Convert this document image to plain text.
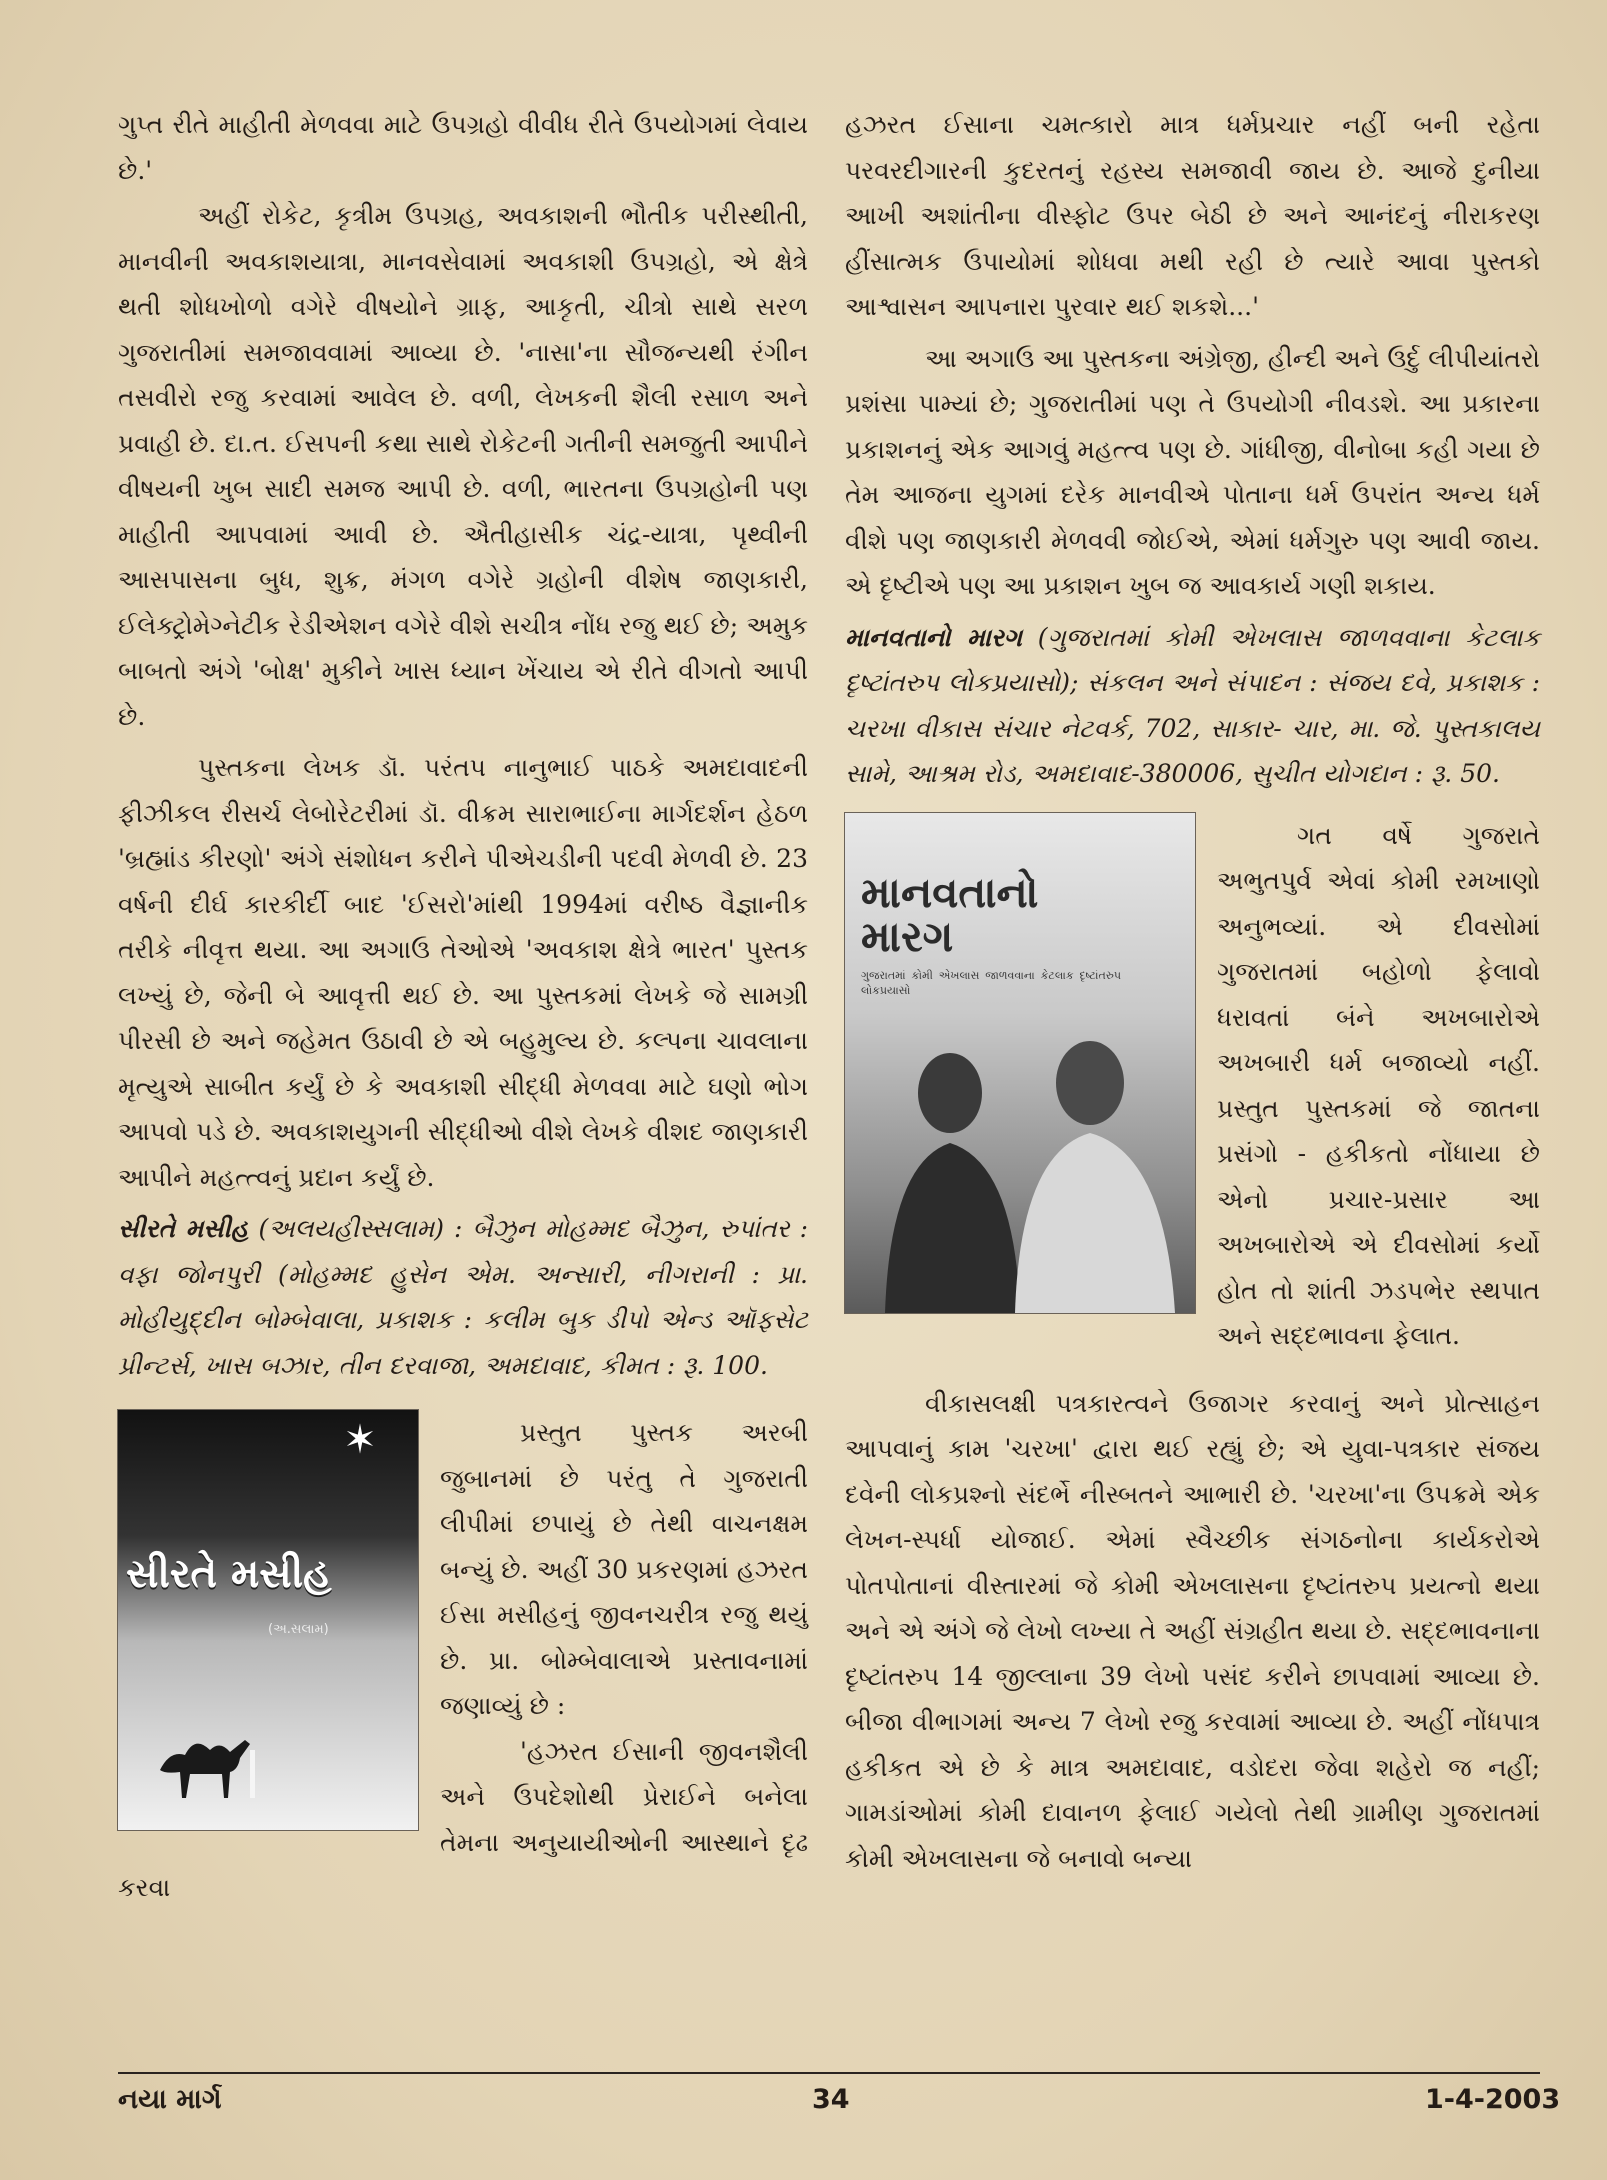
ગુપ્ત રીતે માહીતી મેળવવા માટે ઉપગ્રહો વીવીધ રીતે ઉપયોગમાં લેવાય છે.'

અહીં રોકેટ, કૃત્રીમ ઉપગ્રહ, અવકાશની ભૌતીક પરીસ્થીતી, માનવીની અવકાશયાત્રા, માનવસેવામાં અવકાશી ઉપગ્રહો, એ ક્ષેત્રે થતી શોધખોળો વગેરે વીષયોને ગ્રાફ, આકૃતી, ચીત્રો સાથે સરળ ગુજરાતીમાં સમજાવવામાં આવ્યા છે. 'નાસા'ના સૌજન્યથી રંગીન તસવીરો રજુ કરવામાં આવેલ છે. વળી, લેખકની શૈલી રસાળ અને પ્રવાહી છે. દા.ત. ઈસપની કથા સાથે રોકેટની ગતીની સમજુતી આપીને વીષયની ખુબ સાદી સમજ આપી છે. વળી, ભારતના ઉપગ્રહોની પણ માહીતી આપવામાં આવી છે. ઐતીહાસીક ચંદ્ર-યાત્રા, પૃથ્વીની આસપાસના બુધ, શુક્ર, મંગળ વગેરે ગ્રહોની વીશેષ જાણકારી, ઈલેક્ટ્રોમેગ્નેટીક રેડીએશન વગેરે વીશે સચીત્ર નોંધ રજુ થઈ છે; અમુક બાબતો અંગે 'બોક્ષ' મુકીને ખાસ ધ્યાન ખેંચાય એ રીતે વીગતો આપી છે.

પુસ્તકના લેખક ડૉ. પરંતપ નાનુભાઈ પાઠકે અમદાવાદની ફીઝીકલ રીસર્ચ લેબોરેટરીમાં ડૉ. વીક્રમ સારાભાઈના માર્ગદર્શન હેઠળ 'બ્રહ્માંડ કીરણો' અંગે સંશોધન કરીને પીએચડીની પદવી મેળવી છે. 23 વર્ષની દીર્ઘ કારકીર્દી બાદ 'ઈસરો'માંથી 1994માં વરીષ્ઠ વૈજ્ઞાનીક તરીકે નીવૃત્ત થયા. આ અગાઉ તેઓએ 'અવકાશ ક્ષેત્રે ભારત' પુસ્તક લખ્યું છે, જેની બે આવૃત્તી થઈ છે. આ પુસ્તકમાં લેખકે જે સામગ્રી પીરસી છે અને જહેમત ઉઠાવી છે એ બહુમુલ્ય છે. કલ્પના ચાવલાના મૃત્યુએ સાબીત કર્યું છે કે અવકાશી સીદ્ધી મેળવવા માટે ઘણો ભોગ આપવો પડે છે. અવકાશયુગની સીદ્ધીઓ વીશે લેખકે વીશદ જાણકારી આપીને મહત્ત્વનું પ્રદાન કર્યું છે.

સીરતે મસીહ (અલયહીસ્સલામ) : બૈઝુન મોહમ્મદ બૈઝુન, રુપાંતર : વફા જોનપુરી (મોહમ્મદ હુસેન એમ. અન્સારી, નીગરાની : પ્રા. મોહીયુદ્દીન બોમ્બેવાલા, પ્રકાશક : કલીમ બુક ડીપો એન્ડ ઑફસેટ પ્રીન્ટર્સ, ખાસ બઝાર, તીન દરવાજા, અમદાવાદ, કીમત : રૂ. 100.

✶
સીરતે મસીહ
(અ.સલામ)

પ્રસ્તુત પુસ્તક અરબી જુબાનમાં છે પરંતુ તે ગુજરાતી લીપીમાં છપાયું છે તેથી વાચનક્ષમ બન્યું છે. અહીં 30 પ્રકરણમાં હઝરત ઈસા મસીહનું જીવનચરીત્ર રજુ થયું છે. પ્રા. બોમ્બેવાલાએ પ્રસ્તાવનામાં જણાવ્યું છે :

'હઝરત ઈસાની જીવનશૈલી અને ઉપદેશોથી પ્રેરાઈને બનેલા તેમના અનુયાયીઓની આસ્થાને દૃઢ કરવા

હઝરત ઈસાના ચમત્કારો માત્ર ધર્મપ્રચાર નહીં બની રહેતા પરવરદીગારની કુદરતનું રહસ્ય સમજાવી જાય છે. આજે દુનીયા આખી અશાંતીના વીસ્ફોટ ઉપર બેઠી છે અને આનંદનું નીરાકરણ હીંસાત્મક ઉપાયોમાં શોધવા મથી રહી છે ત્યારે આવા પુસ્તકો આશ્વાસન આપનારા પુરવાર થઈ શકશે...'

આ અગાઉ આ પુસ્તકના અંગ્રેજી, હીન્દી અને ઉર્દુ લીપીયાંતરો પ્રશંસા પામ્યાં છે; ગુજરાતીમાં પણ તે ઉપયોગી નીવડશે. આ પ્રકારના પ્રકાશનનું એક આગવું મહત્ત્વ પણ છે. ગાંધીજી, વીનોબા કહી ગયા છે તેમ આજના યુગમાં દરેક માનવીએ પોતાના ધર્મ ઉપરાંત અન્ય ધર્મ વીશે પણ જાણકારી મેળવવી જોઈએ, એમાં ધર્મગુરુ પણ આવી જાય. એ દૃષ્ટીએ પણ આ પ્રકાશન ખુબ જ આવકાર્ય ગણી શકાય.

માનવતાનો મારગ (ગુજરાતમાં કોમી એખલાસ જાળવવાના કેટલાક દૃષ્ટાંતરુપ લોકપ્રયાસો); સંકલન અને સંપાદન : સંજય દવે, પ્રકાશક : ચરખા વીકાસ સંચાર નેટવર્ક, 702, સાકાર- ચાર, મા. જે. પુસ્તકાલય સામે, આશ્રમ રોડ, અમદાવાદ-380006, સુચીત યોગદાન : રૂ. 50.

માનવતાનો મારગ
ગુજરાતમાં કોમી એખલાસ જાળવવાના કેટલાક દૃષ્ટાંતરુપ લોકપ્રયાસો

ગત વર્ષે ગુજરાતે અભુતપુર્વ એવાં કોમી રમખાણો અનુભવ્યાં. એ દીવસોમાં ગુજરાતમાં બહોળો ફેલાવો ધરાવતાં બંને અખબારોએ અખબારી ધર્મ બજાવ્યો નહીં. પ્રસ્તુત પુસ્તકમાં જે જાતના પ્રસંગો - હકીકતો નોંધાયા છે એનો પ્રચાર-પ્રસાર આ અખબારોએ એ દીવસોમાં કર્યો હોત તો શાંતી ઝડપભેર સ્થપાત અને સદ્દભાવના ફેલાત.

વીકાસલક્ષી પત્રકારત્વને ઉજાગર કરવાનું અને પ્રોત્સાહન આપવાનું કામ 'ચરખા' દ્વારા થઈ રહ્યું છે; એ યુવા-પત્રકાર સંજય દવેની લોકપ્રશ્નો સંદર્ભે નીસ્બતને આભારી છે. 'ચરખા'ના ઉપક્રમે એક લેખન-સ્પર્ધા યોજાઈ. એમાં સ્વૈચ્છીક સંગઠનોના કાર્યકરોએ પોતપોતાનાં વીસ્તારમાં જે કોમી એખલાસના દૃષ્ટાંતરુપ પ્રયત્નો થયા અને એ અંગે જે લેખો લખ્યા તે અહીં સંગ્રહીત થયા છે. સદ્દભાવનાના દૃષ્ટાંતરુપ 14 જીલ્લાના 39 લેખો પસંદ કરીને છાપવામાં આવ્યા છે. બીજા વીભાગમાં અન્ય 7 લેખો રજુ કરવામાં આવ્યા છે. અહીં નોંધપાત્ર હકીકત એ છે કે માત્ર અમદાવાદ, વડોદરા જેવા શહેરો જ નહીં; ગામડાંઓમાં કોમી દાવાનળ ફેલાઈ ગયેલો તેથી ગ્રામીણ ગુજરાતમાં કોમી એખલાસના જે બનાવો બન્યા

નયા માર્ગ	34	1-4-2003
